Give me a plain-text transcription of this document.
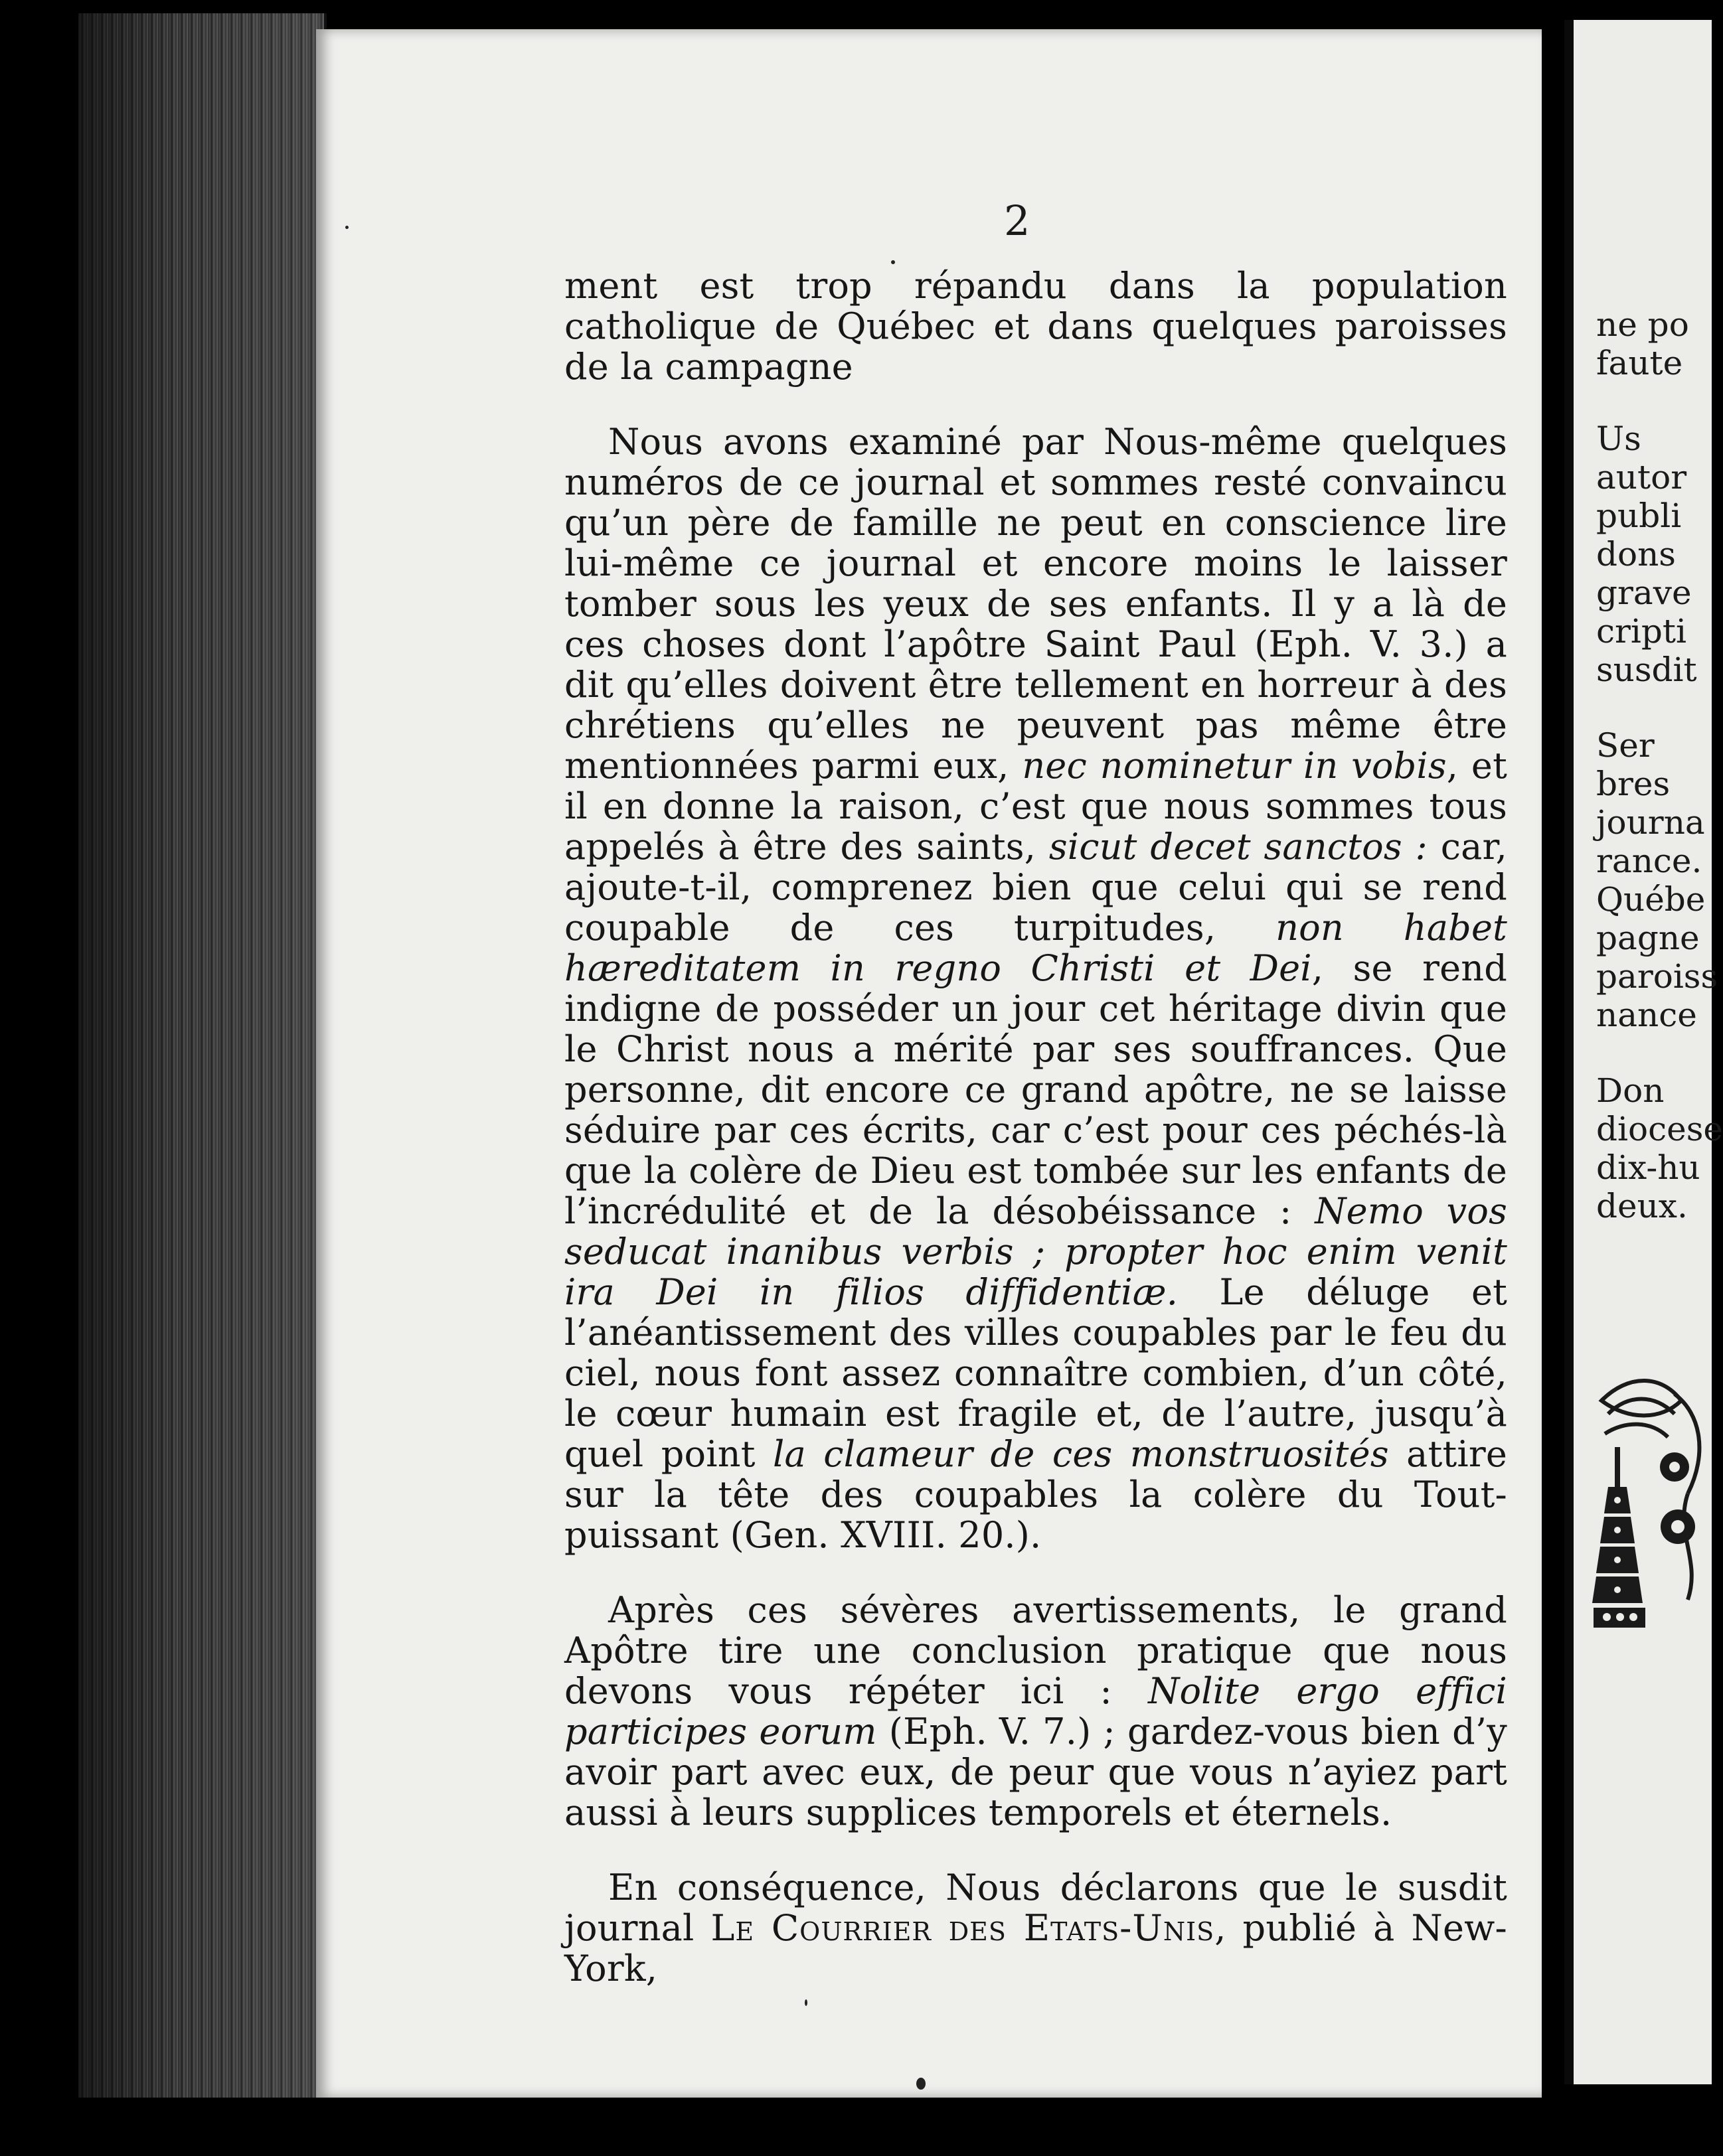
2

ment est trop répandu dans la population catholique de Québec et dans quelques paroisses de la campagne

Nous avons examiné par Nous-même quelques numéros de ce journal et sommes resté convaincu qu’un père de famille ne peut en conscience lire lui-même ce journal et encore moins le laisser tomber sous les yeux de ses enfants. Il y a là de ces choses dont l’apôtre Saint Paul (Eph. V. 3.) a dit qu’elles doivent être tellement en horreur à des chrétiens qu’elles ne peuvent pas même être mentionnées parmi eux, nec nominetur in vobis, et il en donne la raison, c’est que nous sommes tous appelés à être des saints, sicut decet sanctos : car, ajoute-t-il, comprenez bien que celui qui se rend coupable de ces turpitudes, non habet hæreditatem in regno Christi et Dei, se rend indigne de posséder un jour cet héritage divin que le Christ nous a mérité par ses souffrances. Que personne, dit encore ce grand apôtre, ne se laisse séduire par ces écrits, car c’est pour ces péchés-là que la colère de Dieu est tombée sur les enfants de l’incrédulité et de la désobéissance : Nemo vos seducat inanibus verbis ; propter hoc enim venit ira Dei in filios diffidentiæ. Le déluge et l’anéantissement des villes coupables par le feu du ciel, nous font assez connaître combien, d’un côté, le cœur humain est fragile et, de l’autre, jusqu’à quel point la clameur de ces monstruosités attire sur la tête des coupables la colère du Tout-puissant (Gen. XVIII. 20.).

Après ces sévères avertissements, le grand Apôtre tire une conclusion pratique que nous devons vous répéter ici : Nolite ergo effici participes eorum (Eph. V. 7.) ; gardez-vous bien d’y avoir part avec eux, de peur que vous n’ayiez part aussi à leurs supplices temporels et éternels.

En conséquence, Nous déclarons que le susdit journal Le Courrier des Etats-Unis, publié à New-York,

ne po
faute
Us
autor
publi
dons
grave
cripti
susdit
Ser
bres
journa
rance.
Québe
pagne
paroiss
nance
Don
diocese
dix-hu
deux.
